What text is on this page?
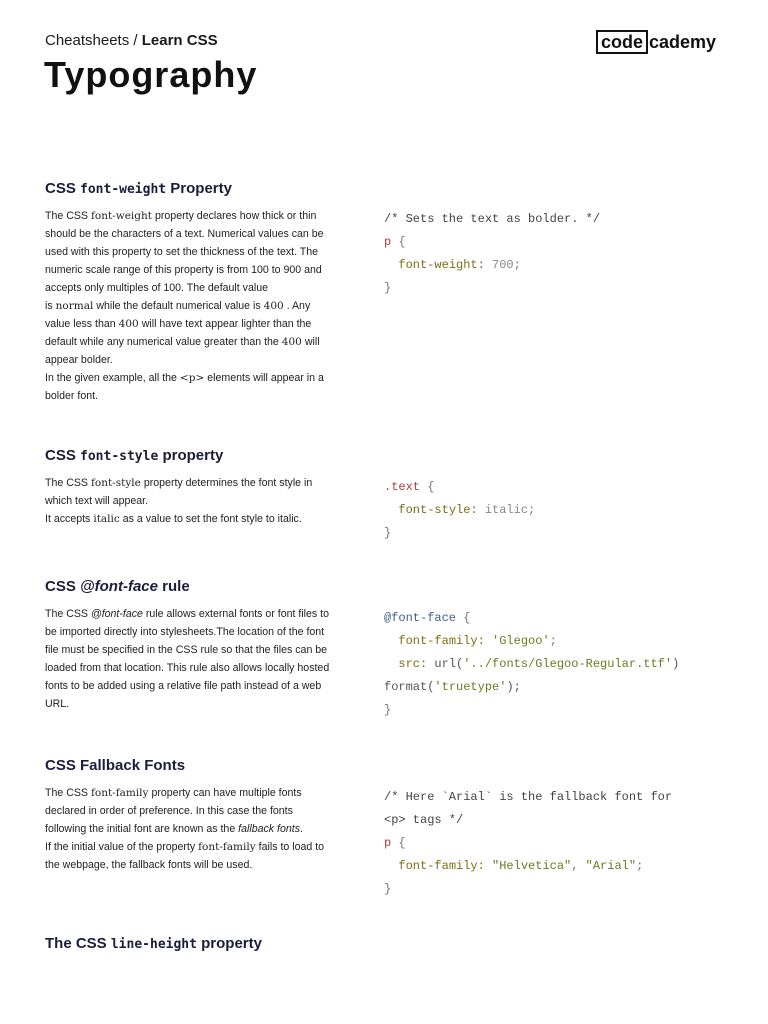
Cheatsheets / Learn CSS	code cademy
Typography
CSS font-weight Property

The CSS font-weight property declares how thick or thin should be the characters of a text. Numerical values can be used with this property to set the thickness of the text. The numeric scale range of this property is from 100 to 900 and accepts only multiples of 100. The default value is normal while the default numerical value is 400 . Any value less than 400 will have text appear lighter than the default while any numerical value greater than the 400 will appear bolder.

In the given example, all the <p> elements will appear in a bolder font.

/* Sets the text as bolder. */
p {
font-weight: 700;
}
CSS font-style property

The CSS font-style property determines the font style in which text will appear.

It accepts italic as a value to set the font style to italic.

.text {
font-style: italic;
}
CSS @font-face rule

The CSS @font-face rule allows external fonts or font files to be imported directly into stylesheets.The location of the font file must be specified in the CSS rule so that the files can be loaded from that location. This rule also allows locally hosted fonts to be added using a relative file path instead of a web URL.

@font-face {
font-family: 'Glegoo';
src: url('../fonts/Glegoo-Regular.ttf')
format('truetype');
}
CSS Fallback Fonts

The CSS font-family property can have multiple fonts declared in order of preference. In this case the fonts following the initial font are known as the fallback fonts.

If the initial value of the property font-family fails to load to the webpage, the fallback fonts will be used.

/* Here `Arial` is the fallback font for
<p> tags */
p {
font-family: "Helvetica", "Arial";
}
The CSS line-height property
